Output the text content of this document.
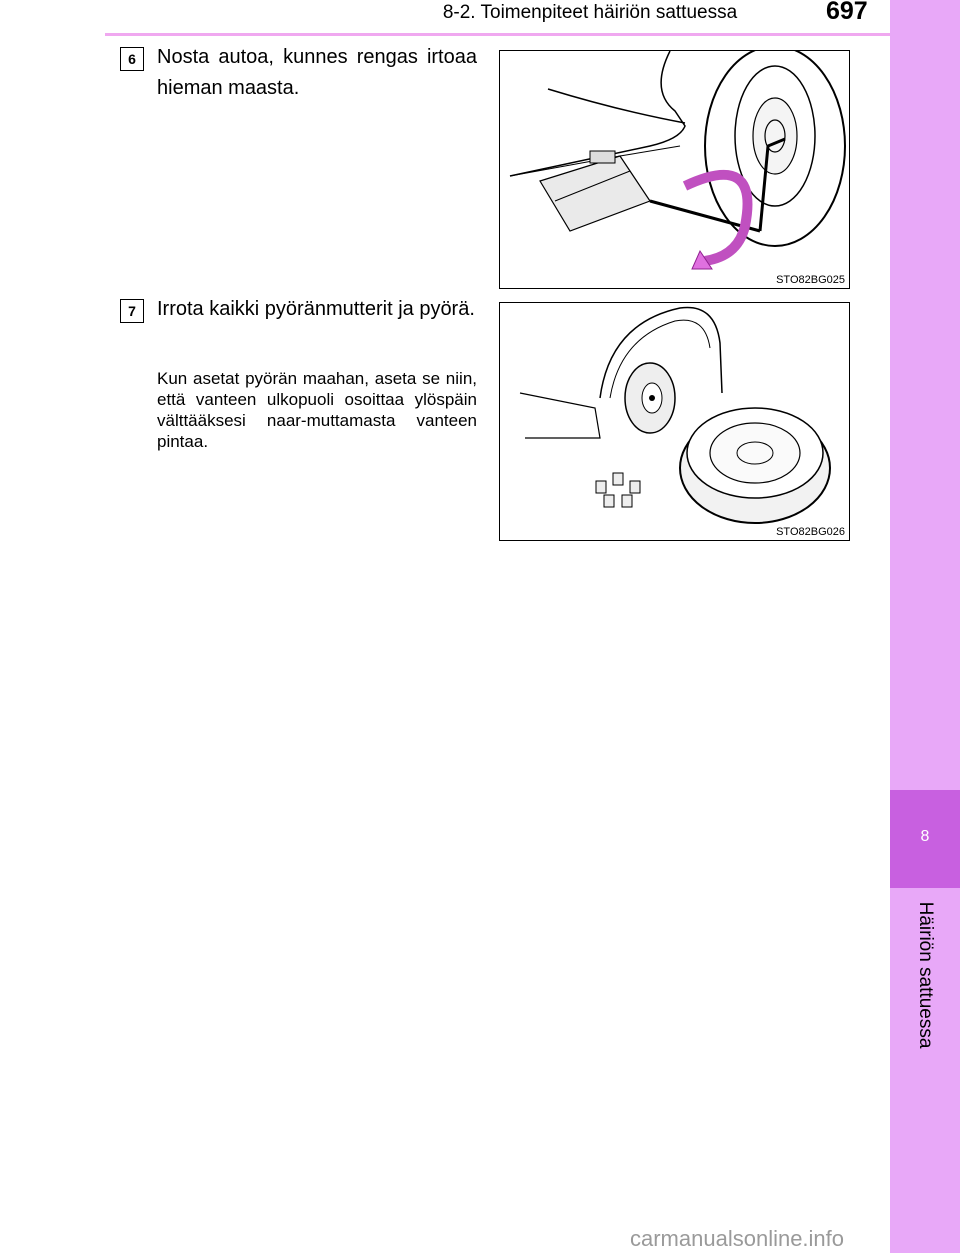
8-2. Toimenpiteet häiriön sattuessa	697
8
Häiriön sattuessa
6	Nosta autoa, kunnes rengas irtoaa hieman maasta.
STO82BG025
7	Irrota kaikki pyöränmutterit ja pyörä.
Kun asetat pyörän maahan, aseta se niin, että vanteen ulkopuoli osoittaa ylöspäin välttääksesi naar-muttamasta vanteen pintaa.
STO82BG026
carmanualsonline.info
